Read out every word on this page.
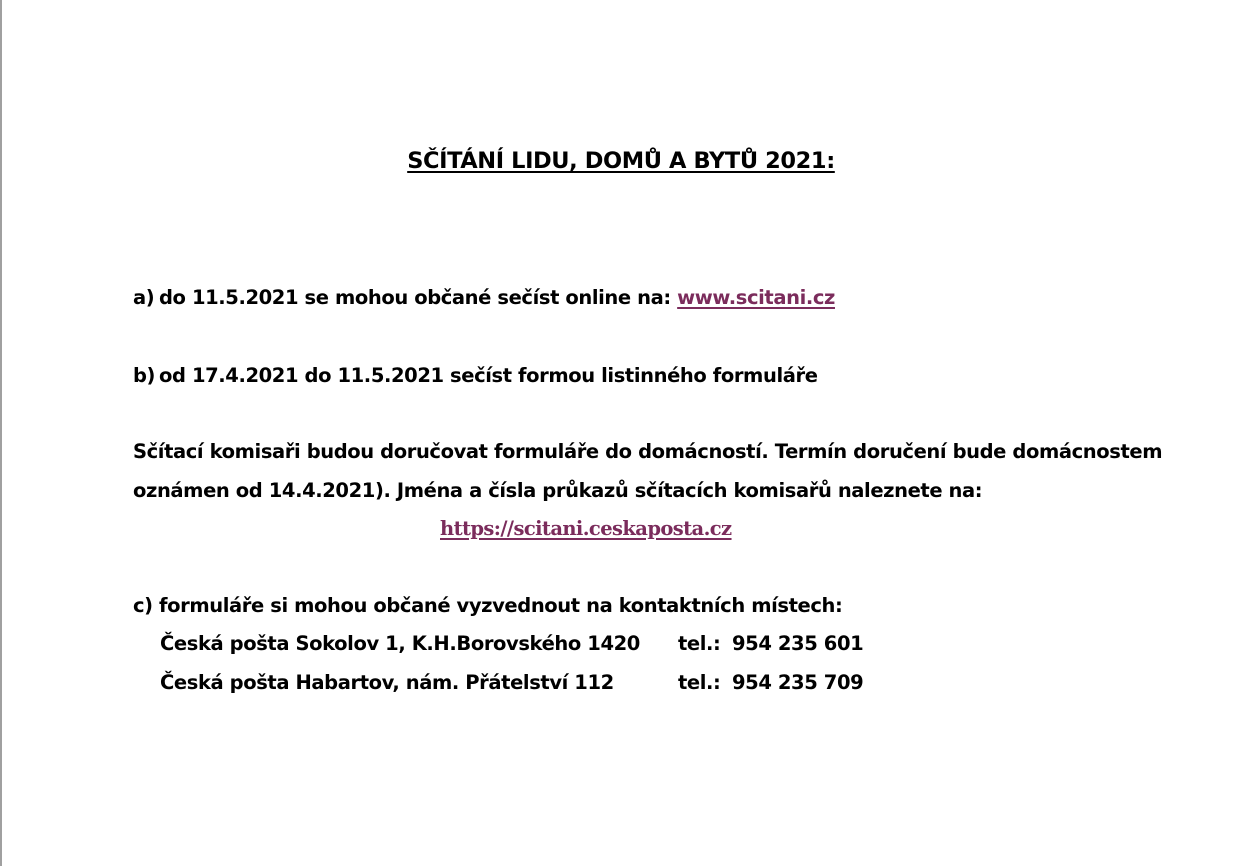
SČÍTÁNÍ LIDU, DOMŮ A BYTŮ 2021:
a) do 11.5.2021 se mohou občané sečíst online na: www.scitani.cz
b) od 17.4.2021 do 11.5.2021 sečíst formou listinného formuláře
Sčítací komisaři budou doručovat formuláře do domácností. Termín doručení bude domácnostem
oznámen od 14.4.2021). Jména a čísla průkazů sčítacích komisařů naleznete na:
https://scitani.ceskaposta.cz
c) formuláře si mohou občané vyzvednout na kontaktních místech:
Česká pošta Sokolov 1, K.H.Borovského 1420 tel.: 954 235 601
Česká pošta Habartov, nám. Přátelství 112	tel.: 954 235 709
